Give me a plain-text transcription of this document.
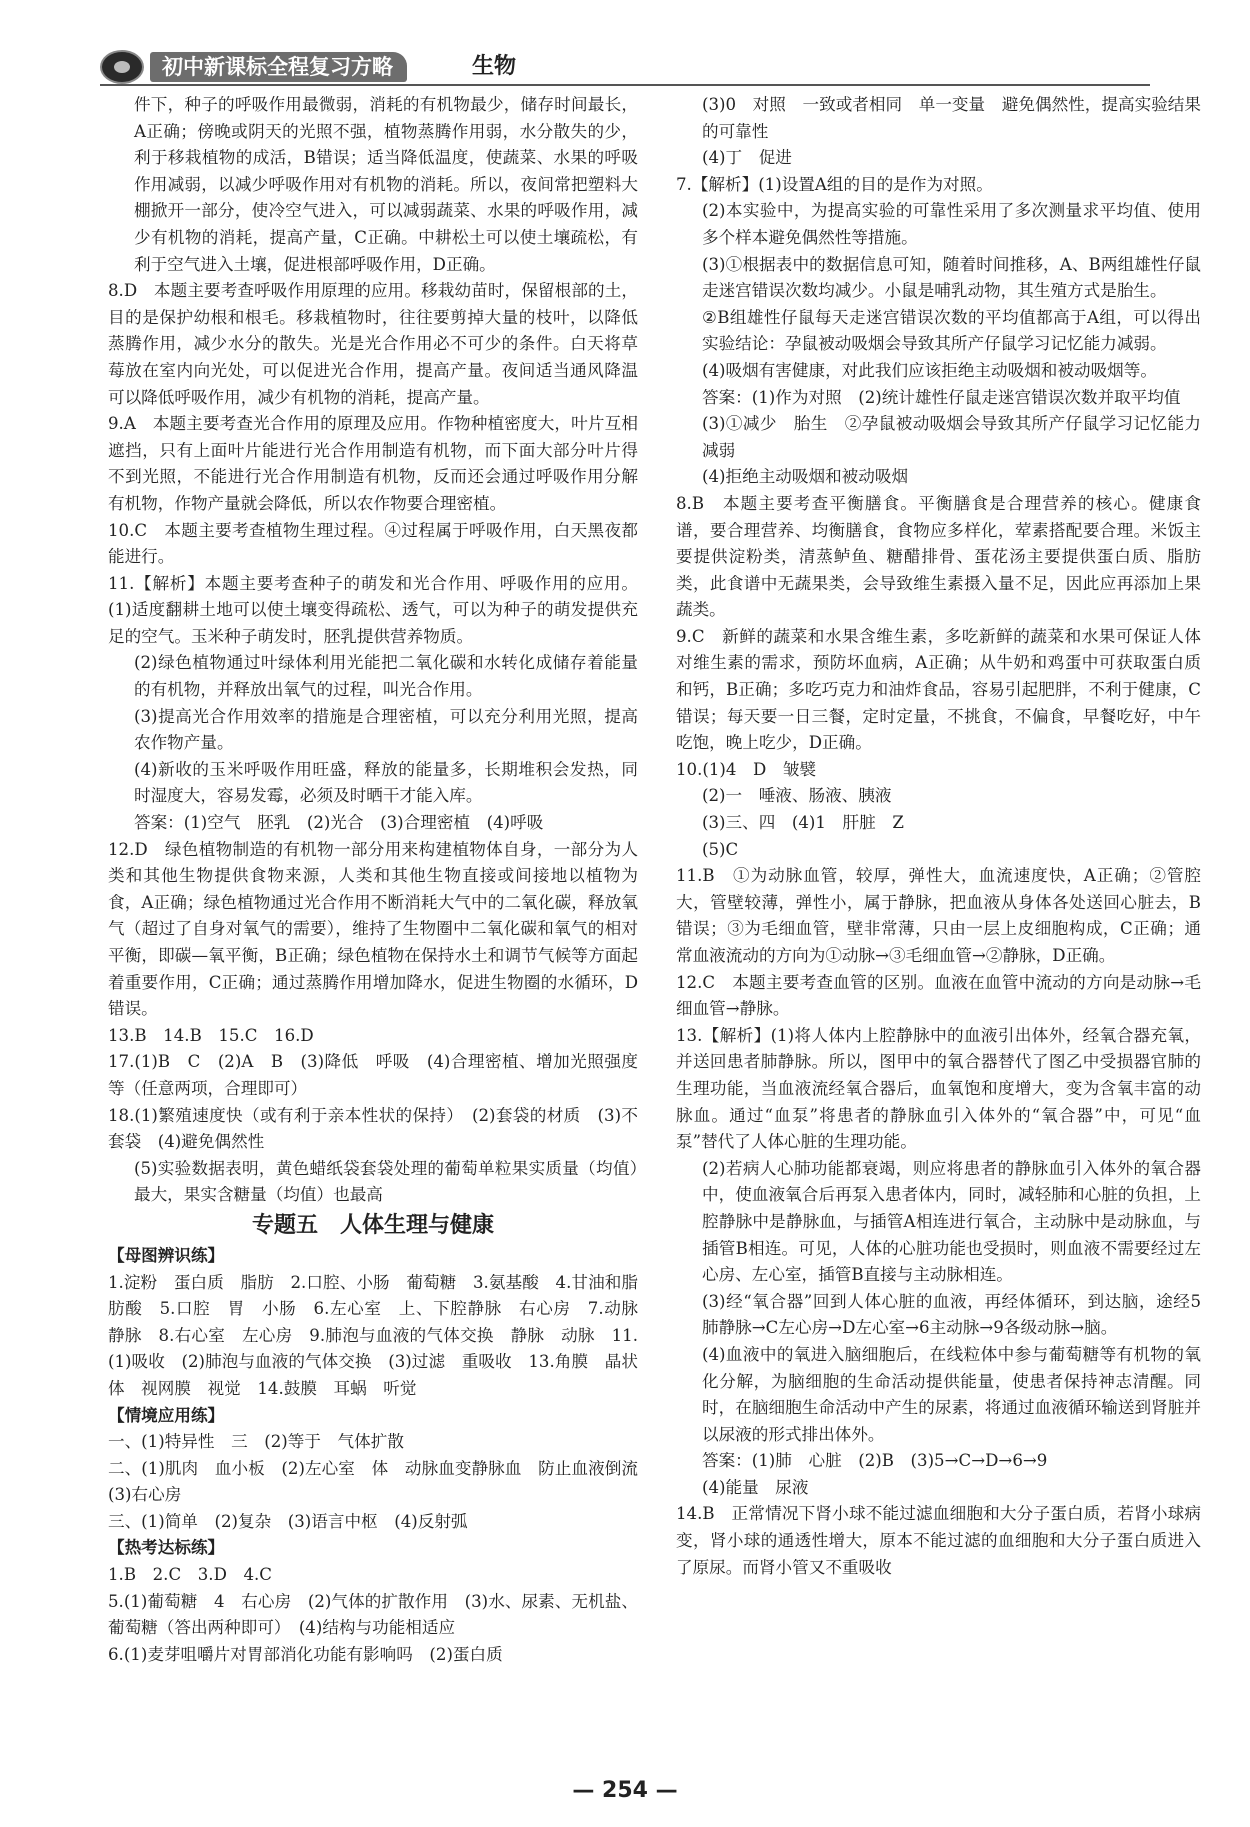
初中新课标全程复习方略	生物
件下，种子的呼吸作用最微弱，消耗的有机物最少，储存时间最长，A正确；傍晚或阴天的光照不强，植物蒸腾作用弱，水分散失的少，利于移栽植物的成活，B错误；适当降低温度，使蔬菜、水果的呼吸作用减弱，以减少呼吸作用对有机物的消耗。所以，夜间常把塑料大棚掀开一部分，使冷空气进入，可以减弱蔬菜、水果的呼吸作用，减少有机物的消耗，提高产量，C正确。中耕松土可以使土壤疏松，有利于空气进入土壤，促进根部呼吸作用，D正确。
8.D　本题主要考查呼吸作用原理的应用。移栽幼苗时，保留根部的土，目的是保护幼根和根毛。移栽植物时，往往要剪掉大量的枝叶，以降低蒸腾作用，减少水分的散失。光是光合作用必不可少的条件。白天将草莓放在室内向光处，可以促进光合作用，提高产量。夜间适当通风降温可以降低呼吸作用，减少有机物的消耗，提高产量。
9.A　本题主要考查光合作用的原理及应用。作物种植密度大，叶片互相遮挡，只有上面叶片能进行光合作用制造有机物，而下面大部分叶片得不到光照，不能进行光合作用制造有机物，反而还会通过呼吸作用分解有机物，作物产量就会降低，所以农作物要合理密植。
10.C　本题主要考查植物生理过程。④过程属于呼吸作用，白天黑夜都能进行。
11.【解析】本题主要考查种子的萌发和光合作用、呼吸作用的应用。(1)适度翻耕土地可以使土壤变得疏松、透气，可以为种子的萌发提供充足的空气。玉米种子萌发时，胚乳提供营养物质。
(2)绿色植物通过叶绿体利用光能把二氧化碳和水转化成储存着能量的有机物，并释放出氧气的过程，叫光合作用。
(3)提高光合作用效率的措施是合理密植，可以充分利用光照，提高农作物产量。
(4)新收的玉米呼吸作用旺盛，释放的能量多，长期堆积会发热，同时湿度大，容易发霉，必须及时晒干才能入库。
答案：(1)空气　胚乳　(2)光合　(3)合理密植　(4)呼吸
12.D　绿色植物制造的有机物一部分用来构建植物体自身，一部分为人类和其他生物提供食物来源，人类和其他生物直接或间接地以植物为食，A正确；绿色植物通过光合作用不断消耗大气中的二氧化碳，释放氧气（超过了自身对氧气的需要），维持了生物圈中二氧化碳和氧气的相对平衡，即碳—氧平衡，B正确；绿色植物在保持水土和调节气候等方面起着重要作用，C正确；通过蒸腾作用增加降水，促进生物圈的水循环，D错误。
13.B　14.B　15.C　16.D
17.(1)B　C　(2)A　B　(3)降低　呼吸　(4)合理密植、增加光照强度等（任意两项，合理即可）
18.(1)繁殖速度快（或有利于亲本性状的保持）　(2)套袋的材质　(3)不套袋　(4)避免偶然性
(5)实验数据表明，黄色蜡纸袋套袋处理的葡萄单粒果实质量（均值）最大，果实含糖量（均值）也最高
专题五　人体生理与健康
【母图辨识练】
1.淀粉　蛋白质　脂肪　2.口腔、小肠　葡萄糖　3.氨基酸　4.甘油和脂肪酸　5.口腔　胃　小肠　6.左心室　上、下腔静脉　右心房　7.动脉　静脉　8.右心室　左心房　9.肺泡与血液的气体交换　静脉　动脉　11.(1)吸收　(2)肺泡与血液的气体交换　(3)过滤　重吸收　13.角膜　晶状体　视网膜　视觉　14.鼓膜　耳蜗　听觉
【情境应用练】
一、(1)特异性　三　(2)等于　气体扩散
二、(1)肌肉　血小板　(2)左心室　体　动脉血变静脉血　防止血液倒流　(3)右心房
三、(1)简单　(2)复杂　(3)语言中枢　(4)反射弧
【热考达标练】
1.B　2.C　3.D　4.C
5.(1)葡萄糖　4　右心房　(2)气体的扩散作用　(3)水、尿素、无机盐、葡萄糖（答出两种即可）　(4)结构与功能相适应
6.(1)麦芽咀嚼片对胃部消化功能有影响吗　(2)蛋白质
(3)0　对照　一致或者相同　单一变量　避免偶然性，提高实验结果的可靠性
(4)丁　促进
7.【解析】(1)设置A组的目的是作为对照。
(2)本实验中，为提高实验的可靠性采用了多次测量求平均值、使用多个样本避免偶然性等措施。
(3)①根据表中的数据信息可知，随着时间推移，A、B两组雄性仔鼠走迷宫错误次数均减少。小鼠是哺乳动物，其生殖方式是胎生。
②B组雄性仔鼠每天走迷宫错误次数的平均值都高于A组，可以得出实验结论：孕鼠被动吸烟会导致其所产仔鼠学习记忆能力减弱。
(4)吸烟有害健康，对此我们应该拒绝主动吸烟和被动吸烟等。
答案：(1)作为对照　(2)统计雄性仔鼠走迷宫错误次数并取平均值
(3)①减少　胎生　②孕鼠被动吸烟会导致其所产仔鼠学习记忆能力减弱
(4)拒绝主动吸烟和被动吸烟
8.B　本题主要考查平衡膳食。平衡膳食是合理营养的核心。健康食谱，要合理营养、均衡膳食，食物应多样化，荤素搭配要合理。米饭主要提供淀粉类，清蒸鲈鱼、糖醋排骨、蛋花汤主要提供蛋白质、脂肪类，此食谱中无蔬果类，会导致维生素摄入量不足，因此应再添加上果蔬类。
9.C　新鲜的蔬菜和水果含维生素，多吃新鲜的蔬菜和水果可保证人体对维生素的需求，预防坏血病，A正确；从牛奶和鸡蛋中可获取蛋白质和钙，B正确；多吃巧克力和油炸食品，容易引起肥胖，不利于健康，C错误；每天要一日三餐，定时定量，不挑食，不偏食，早餐吃好，中午吃饱，晚上吃少，D正确。
10.(1)4　D　皱襞
(2)一　唾液、肠液、胰液
(3)三、四　(4)1　肝脏　Z
(5)C
11.B　①为动脉血管，较厚，弹性大，血流速度快，A正确；②管腔大，管壁较薄，弹性小，属于静脉，把血液从身体各处送回心脏去，B错误；③为毛细血管，壁非常薄，只由一层上皮细胞构成，C正确；通常血液流动的方向为①动脉→③毛细血管→②静脉，D正确。
12.C　本题主要考查血管的区别。血液在血管中流动的方向是动脉→毛细血管→静脉。
13.【解析】(1)将人体内上腔静脉中的血液引出体外，经氧合器充氧，并送回患者肺静脉。所以，图甲中的氧合器替代了图乙中受损器官肺的生理功能，当血液流经氧合器后，血氧饱和度增大，变为含氧丰富的动脉血。通过“血泵”将患者的静脉血引入体外的“氧合器”中，可见“血泵”替代了人体心脏的生理功能。
(2)若病人心肺功能都衰竭，则应将患者的静脉血引入体外的氧合器中，使血液氧合后再泵入患者体内，同时，减轻肺和心脏的负担，上腔静脉中是静脉血，与插管A相连进行氧合，主动脉中是动脉血，与插管B相连。可见，人体的心脏功能也受损时，则血液不需要经过左心房、左心室，插管B直接与主动脉相连。
(3)经“氧合器”回到人体心脏的血液，再经体循环，到达脑，途经5肺静脉→C左心房→D左心室→6主动脉→9各级动脉→脑。
(4)血液中的氧进入脑细胞后，在线粒体中参与葡萄糖等有机物的氧化分解，为脑细胞的生命活动提供能量，使患者保持神志清醒。同时，在脑细胞生命活动中产生的尿素，将通过血液循环输送到肾脏并以尿液的形式排出体外。
答案：(1)肺　心脏　(2)B　(3)5→C→D→6→9
(4)能量　尿液
14.B　正常情况下肾小球不能过滤血细胞和大分子蛋白质，若肾小球病变，肾小球的通透性增大，原本不能过滤的血细胞和大分子蛋白质进入了原尿。而肾小管又不重吸收
— 254 —
